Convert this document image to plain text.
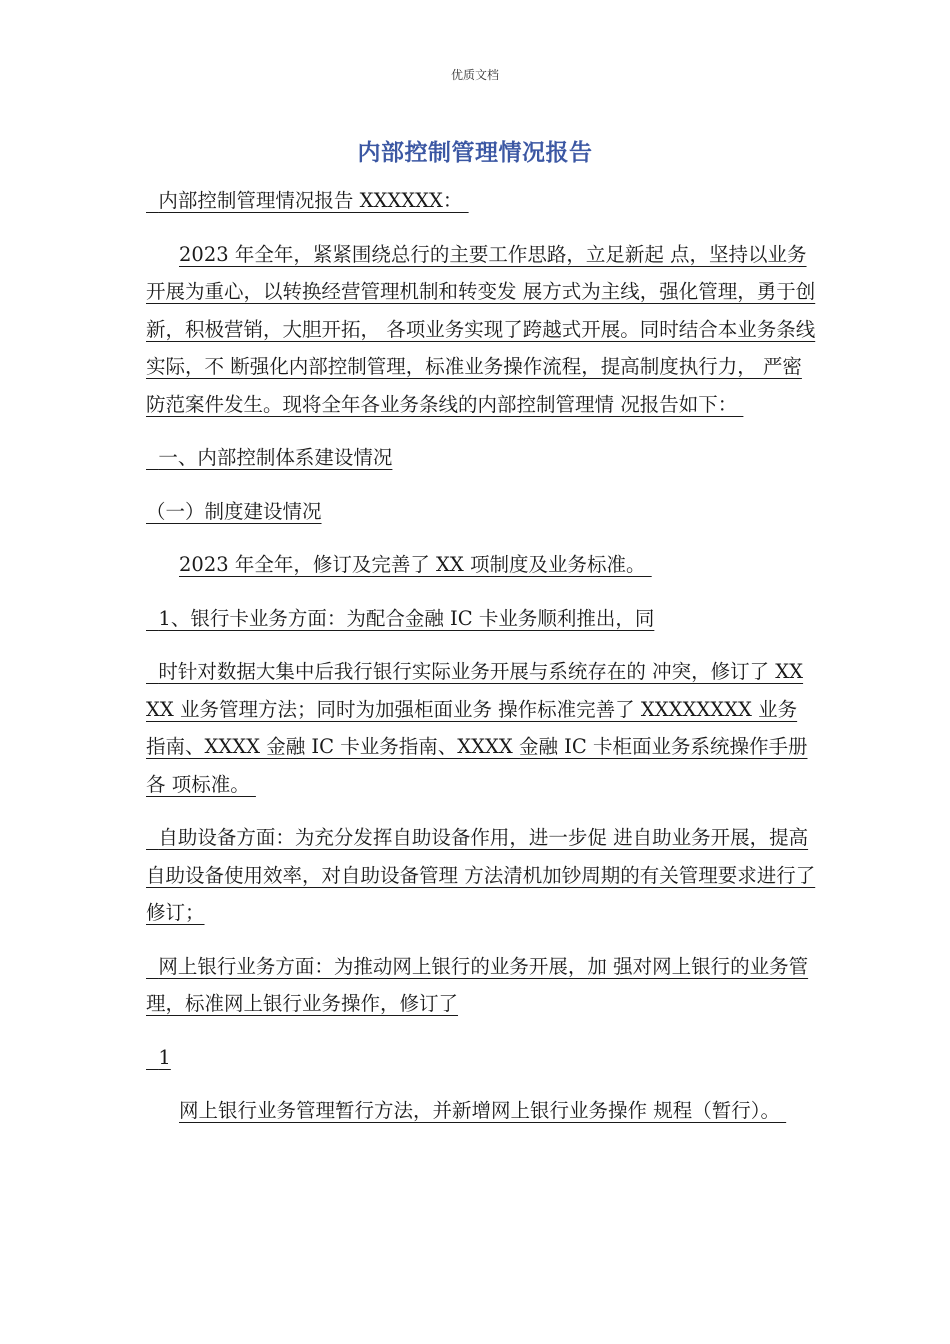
优质文档
内部控制管理情况报告

内部控制管理情况报告 XXXXXX：

2023 年全年，紧紧围绕总行的主要工作思路，立足新起 点，坚持以业务开展为重心，以转换经营管理机制和转变发 展方式为主线，强化管理，勇于创新，积极营销，大胆开拓， 各项业务实现了跨越式开展。同时结合本业务条线实际，不 断强化内部控制管理，标准业务操作流程，提高制度执行力， 严密防范案件发生。现将全年各业务条线的内部控制管理情 况报告如下：

一、内部控制体系建设情况

（一）制度建设情况

2023 年全年，修订及完善了 XX 项制度及业务标准。

1、银行卡业务方面：为配合金融 IC 卡业务顺利推出，同

时针对数据大集中后我行银行实际业务开展与系统存在的 冲突，修订了 XXXX 业务管理方法；同时为加强柜面业务 操作标准完善了 XXXXXXXX 业务指南、XXXX 金融 IC 卡业务指南、XXXX 金融 IC 卡柜面业务系统操作手册各 项标准。

自助设备方面：为充分发挥自助设备作用，进一步促 进自助业务开展，提高自助设备使用效率，对自助设备管理 方法清机加钞周期的有关管理要求进行了修订；

网上银行业务方面：为推动网上银行的业务开展，加 强对网上银行的业务管理，标准网上银行业务操作，修订了

1

网上银行业务管理暂行方法，并新增网上银行业务操作 规程（暂行）。
